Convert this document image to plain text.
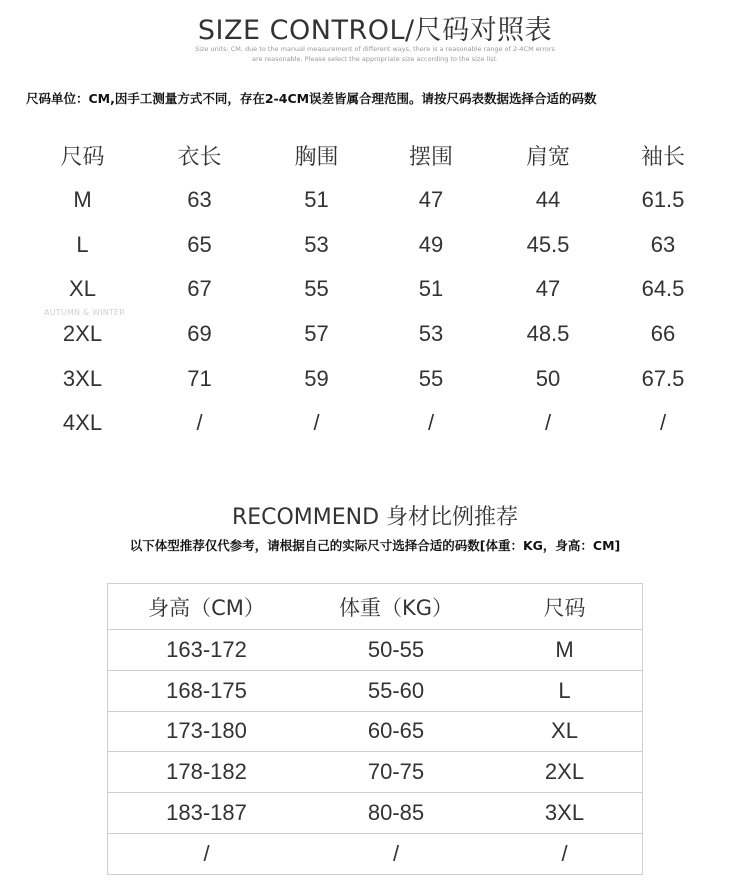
SIZE CONTROL/尺码对照表
Size units: CM, due to the manual measurement of different ways, there is a reasonable range of 2-4CM errors
are reasonable. Please select the appropriate size according to the size list.
尺码单位：CM,因手工测量方式不同，存在2-4CM误差皆属合理范围。请按尺码表数据选择合适的码数
尺码	衣长	胸围	摆围	肩宽	袖长
M	63	51	47	44	61.5
L	65	53	49	45.5	63
XL	67	55	51	47	64.5
2XL	69	57	53	48.5	66
3XL	71	59	55	50	67.5
4XL	/	/	/	/	/
AUTUMN & WINTER
RECOMMEND 身材比例推荐
以下体型推荐仅代参考，请根据自己的实际尺寸选择合适的码数[体重：KG，身高：CM]
身高（CM）	体重（KG）	尺码
163-172	50-55	M
168-175	55-60	L
173-180	60-65	XL
178-182	70-75	2XL
183-187	80-85	3XL
/	/	/
